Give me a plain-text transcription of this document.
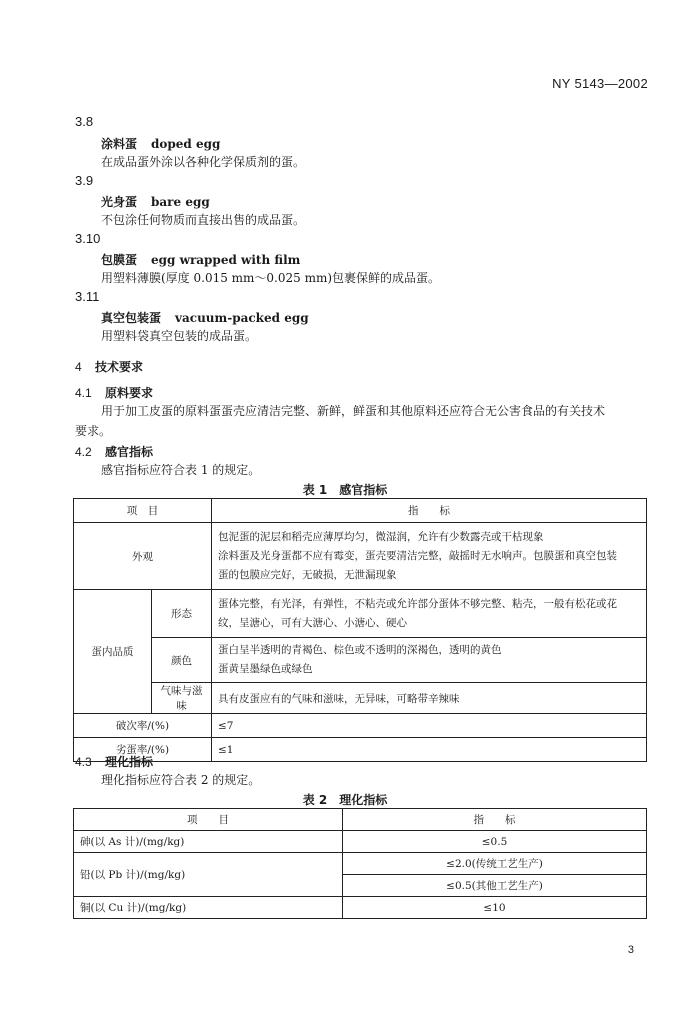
NY 5143—2002
3.8
涂料蛋 doped egg
在成品蛋外涂以各种化学保质剂的蛋。
3.9
光身蛋 bare egg
不包涂任何物质而直接出售的成品蛋。
3.10
包膜蛋 egg wrapped with film
用塑料薄膜(厚度 0.015 mm～0.025 mm)包裹保鲜的成品蛋。
3.11
真空包装蛋 vacuum-packed egg
用塑料袋真空包装的成品蛋。
4 技术要求
4.1 原料要求
用于加工皮蛋的原料蛋蛋壳应清洁完整、新鲜，鲜蛋和其他原料还应符合无公害食品的有关技术
要求。
4.2 感官指标
感官指标应符合表 1 的规定。
表 1　感官指标
项　目		指　　标
外观		包泥蛋的泥层和稻壳应薄厚均匀，微湿润，允许有少数露壳或干枯现象
涂料蛋及光身蛋都不应有霉变，蛋壳要清洁完整，敲摇时无水响声。包膜蛋和真空包装
蛋的包膜应完好，无破损，无泄漏现象

蛋内品质	形态	蛋体完整，有光泽，有弹性，不粘壳或允许部分蛋体不够完整、粘壳，一般有松花或花
纹，呈溏心，可有大溏心、小溏心、硬心

	颜色	蛋白呈半透明的青褐色、棕色或不透明的深褐色，透明的黄色
蛋黄呈墨绿色或绿色

	气味与滋味	具有皮蛋应有的气味和滋味，无异味，可略带辛辣味
破次率/(%)		≤7
劣蛋率/(%)		≤1
4.3 理化指标
理化指标应符合表 2 的规定。
表 2　理化指标
项　　目	指　　标
砷(以 As 计)/(mg/kg)	≤0.5
铅(以 Pb 计)/(mg/kg)	≤2.0(传统工艺生产)
	≤0.5(其他工艺生产)
铜(以 Cu 计)/(mg/kg)	≤10
3
